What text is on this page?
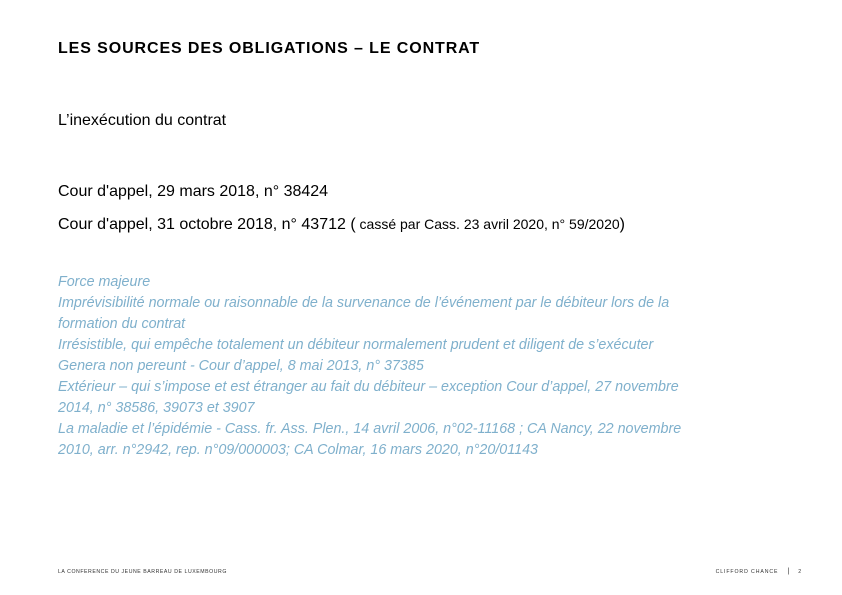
LES SOURCES DES OBLIGATIONS – LE CONTRAT
L’inexécution du contrat
Cour d'appel, 29 mars 2018, n° 38424
Cour d'appel, 31 octobre 2018, n° 43712 ( cassé par Cass. 23 avril 2020, n° 59/2020)
Force majeure
Imprévisibilité normale ou raisonnable de la survenance de l’événement par le débiteur lors de la
formation du contrat
Irrésistible, qui empêche totalement un débiteur normalement prudent et diligent de s’exécuter
Genera non pereunt - Cour d’appel, 8 mai 2013, n° 37385
Extérieur – qui s’impose et est étranger au fait du débiteur – exception Cour d’appel, 27 novembre
2014, n° 38586, 39073 et 3907
La maladie et l’épidémie - Cass. fr. Ass. Plen., 14 avril 2006, n°02-11168 ; CA Nancy, 22 novembre
2010, arr. n°2942, rep. n°09/000003; CA Colmar, 16 mars 2020, n°20/01143
LA CONFERENCE DU JEUNE BARREAU DE LUXEMBOURG	CLIFFORD CHANCE | 2
